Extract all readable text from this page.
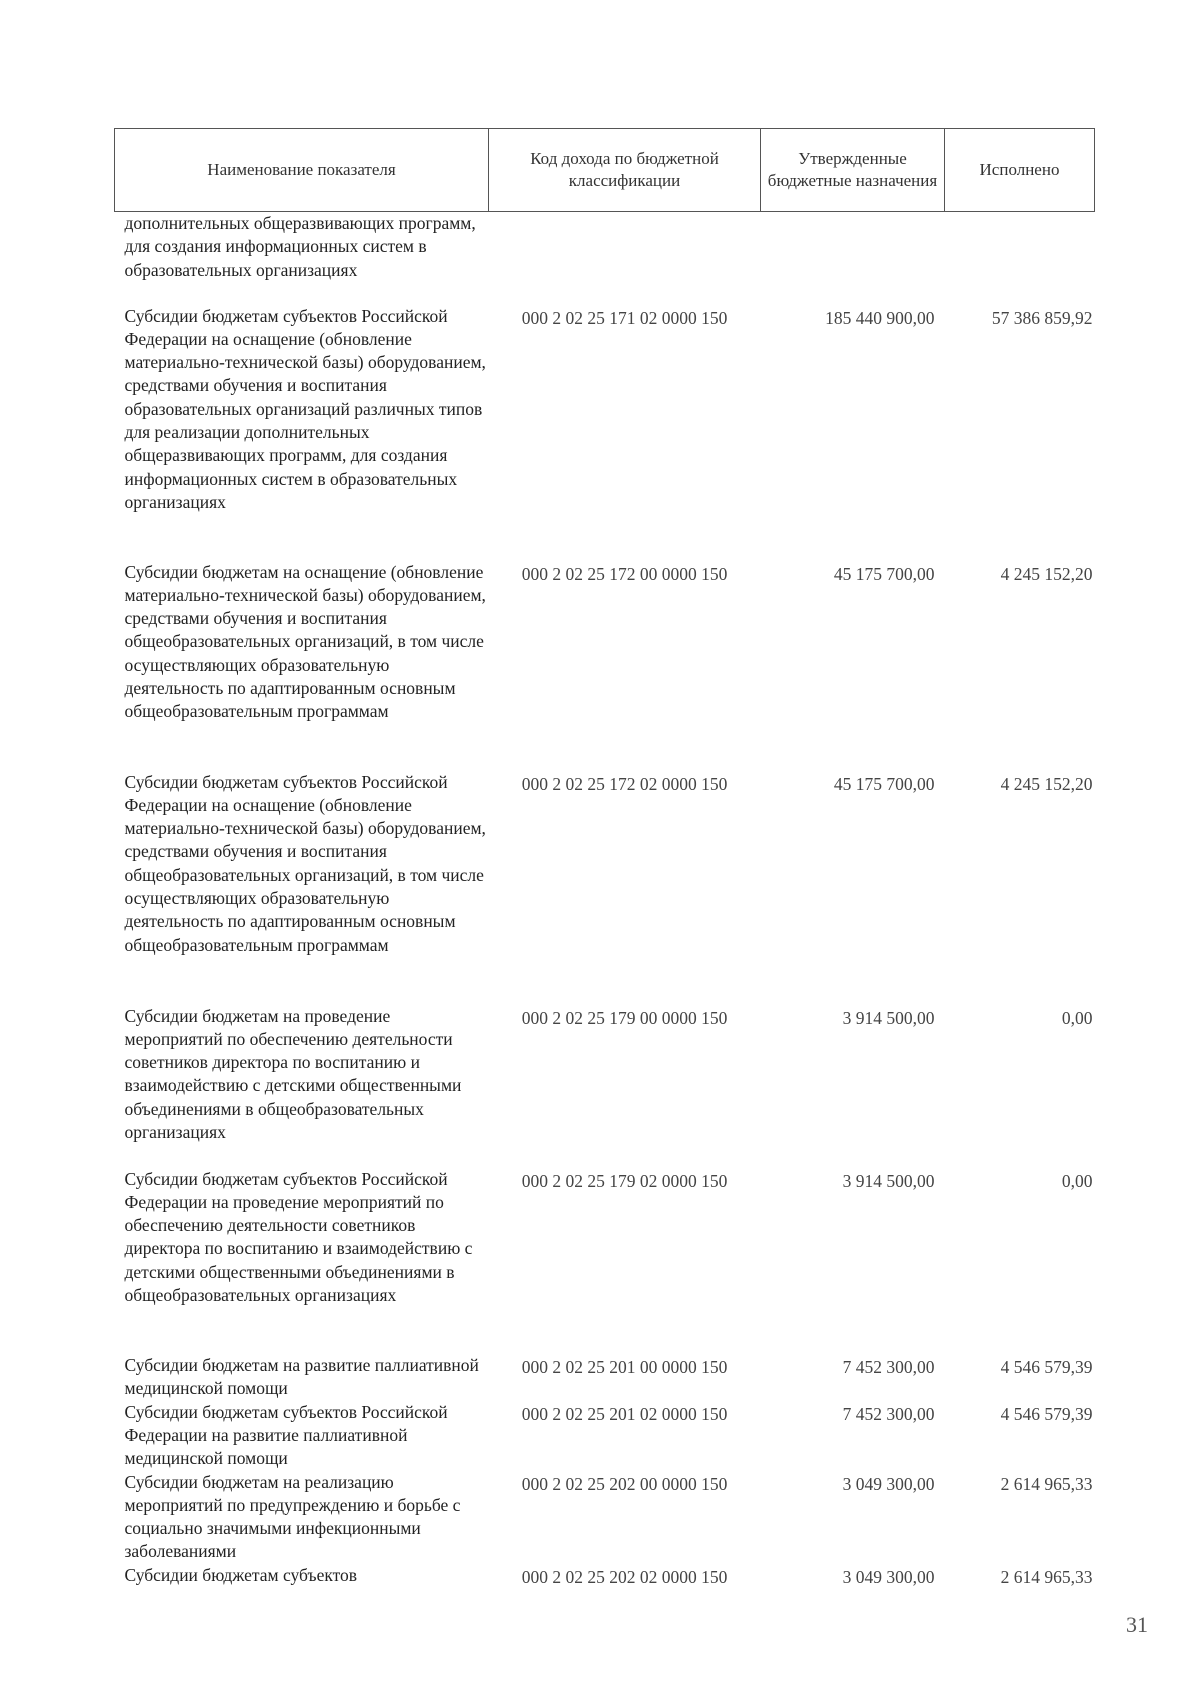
Наименование показателя	Код дохода по бюджетной классификации	Утвержденные бюджетные назначения	Исполнено
дополнительных общеразвивающих программ, для создания информационных систем в образовательных организациях			
Субсидии бюджетам субъектов Российской Федерации на оснащение (обновление материально-технической базы) оборудованием, средствами обучения и воспитания образовательных организаций различных типов для реализации дополнительных общеразвивающих программ, для создания информационных систем в образовательных организациях	000 2 02 25 171 02 0000 150	185 440 900,00	57 386 859,92
Субсидии бюджетам на оснащение (обновление материально-технической базы) оборудованием, средствами обучения и воспитания общеобразовательных организаций, в том числе осуществляющих образовательную деятельность по адаптированным основным общеобразовательным программам	000 2 02 25 172 00 0000 150	45 175 700,00	4 245 152,20
Субсидии бюджетам субъектов Российской Федерации на оснащение (обновление материально-технической базы) оборудованием, средствами обучения и воспитания общеобразовательных организаций, в том числе осуществляющих образовательную деятельность по адаптированным основным общеобразовательным программам	000 2 02 25 172 02 0000 150	45 175 700,00	4 245 152,20
Субсидии бюджетам на проведение мероприятий по обеспечению деятельности советников директора по воспитанию и взаимодействию с детскими общественными объединениями в общеобразовательных организациях	000 2 02 25 179 00 0000 150	3 914 500,00	0,00
Субсидии бюджетам субъектов Российской Федерации на проведение мероприятий по обеспечению деятельности советников директора по воспитанию и взаимодействию с детскими общественными объединениями в общеобразовательных организациях	000 2 02 25 179 02 0000 150	3 914 500,00	0,00
Субсидии бюджетам на развитие паллиативной медицинской помощи	000 2 02 25 201 00 0000 150	7 452 300,00	4 546 579,39
Субсидии бюджетам субъектов Российской Федерации на развитие паллиативной медицинской помощи	000 2 02 25 201 02 0000 150	7 452 300,00	4 546 579,39
Субсидии бюджетам на реализацию мероприятий по предупреждению и борьбе с социально значимыми инфекционными заболеваниями	000 2 02 25 202 00 0000 150	3 049 300,00	2 614 965,33
Субсидии бюджетам субъектов	000 2 02 25 202 02 0000 150	3 049 300,00	2 614 965,33
31
